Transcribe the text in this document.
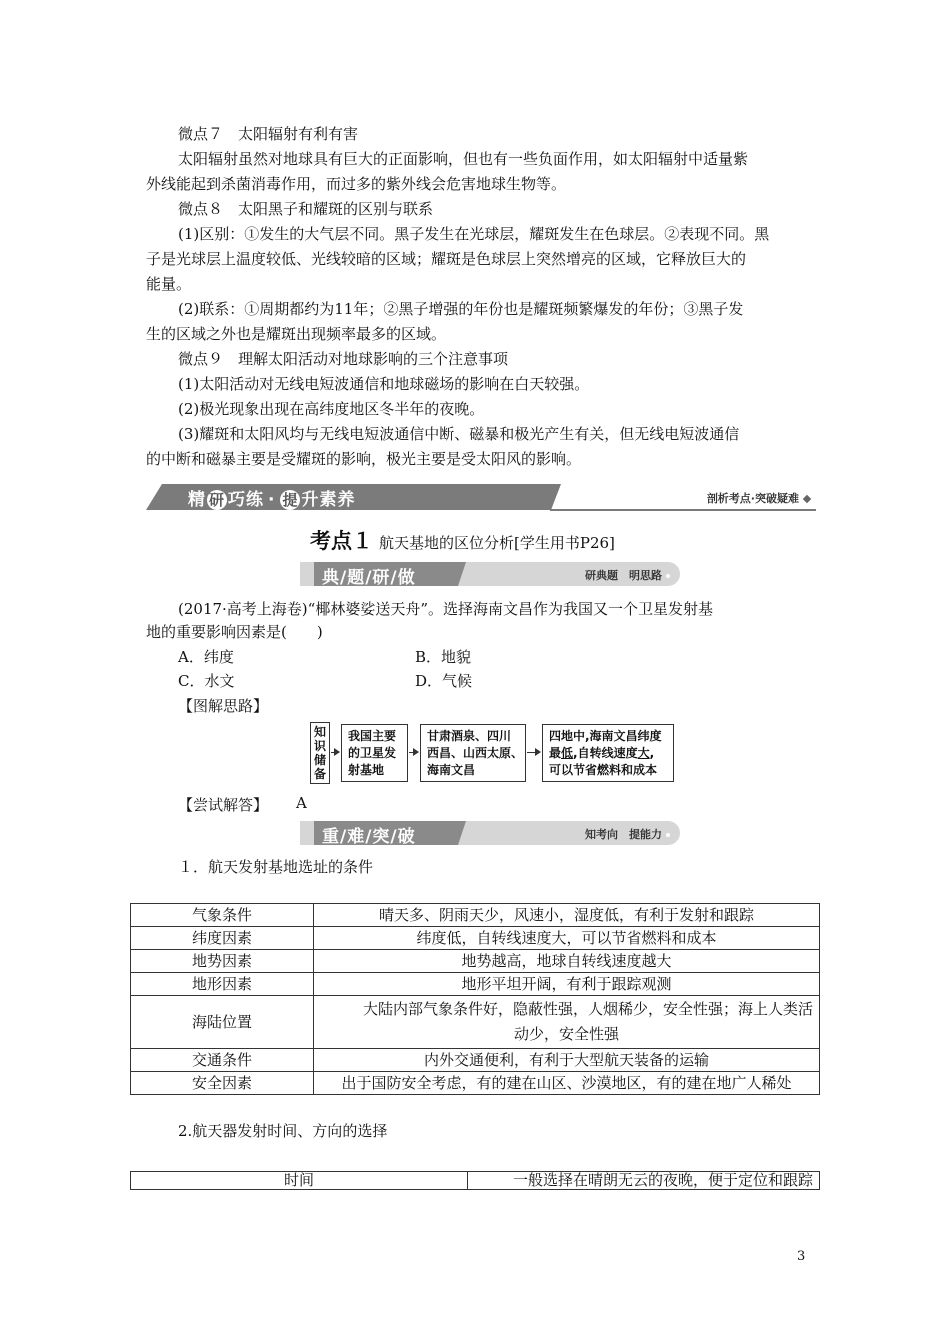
微点７　太阳辐射有利有害
太阳辐射虽然对地球具有巨大的正面影响，但也有一些负面作用，如太阳辐射中适量紫
外线能起到杀菌消毒作用，而过多的紫外线会危害地球生物等。
微点８　太阳黑子和耀斑的区别与联系
(1)区别：①发生的大气层不同。黑子发生在光球层，耀斑发生在色球层。②表现不同。黑
子是光球层上温度较低、光线较暗的区域；耀斑是色球层上突然增亮的区域，它释放巨大的
能量。
(2)联系：①周期都约为11年；②黑子增强的年份也是耀斑频繁爆发的年份；③黑子发
生的区域之外也是耀斑出现频率最多的区域。
微点９　理解太阳活动对地球影响的三个注意事项
(1)太阳活动对无线电短波通信和地球磁场的影响在白天较强。
(2)极光现象出现在高纬度地区冬半年的夜晚。
(3)耀斑和太阳风均与无线电短波通信中断、磁暴和极光产生有关，但无线电短波通信
的中断和磁暴主要是受耀斑的影响，极光主要是受太阳风的影响。
精 研 巧练 · 提 升素养	剖析考点·突破疑难
考点１ 航天基地的区位分析[学生用书P26]
典/题/研/做	研典题　明思路
(2017·高考上海卷)“椰林婆娑送天舟”。选择海南文昌作为我国又一个卫星发射基
地的重要影响因素是(　　)
A．纬度	B．地貌
C．水文	D．气候
【图解思路】
知
识
储
备
我国主要
的卫星发
射基地
甘肃酒泉、四川
西昌、山西太原、
海南文昌
四地中,海南文昌纬度
最低,自转线速度大,
可以节省燃料和成本
【尝试解答】 A
重/难/突/破	知考向　提能力
１．航天发射基地选址的条件
气象条件	晴天多、阴雨天少，风速小，湿度低，有利于发射和跟踪
纬度因素	纬度低，自转线速度大，可以节省燃料和成本
地势因素	地势越高，地球自转线速度越大
地形因素	地形平坦开阔，有利于跟踪观测
海陆位置	大陆内部气象条件好，隐蔽性强，人烟稀少，安全性强；海上人类活
动少，安全性强

交通条件	内外交通便利，有利于大型航天装备的运输
安全因素	出于国防安全考虑，有的建在山区、沙漠地区，有的建在地广人稀处
2.航天器发射时间、方向的选择
时间	一般选择在晴朗无云的夜晚，便于定位和跟踪
3
